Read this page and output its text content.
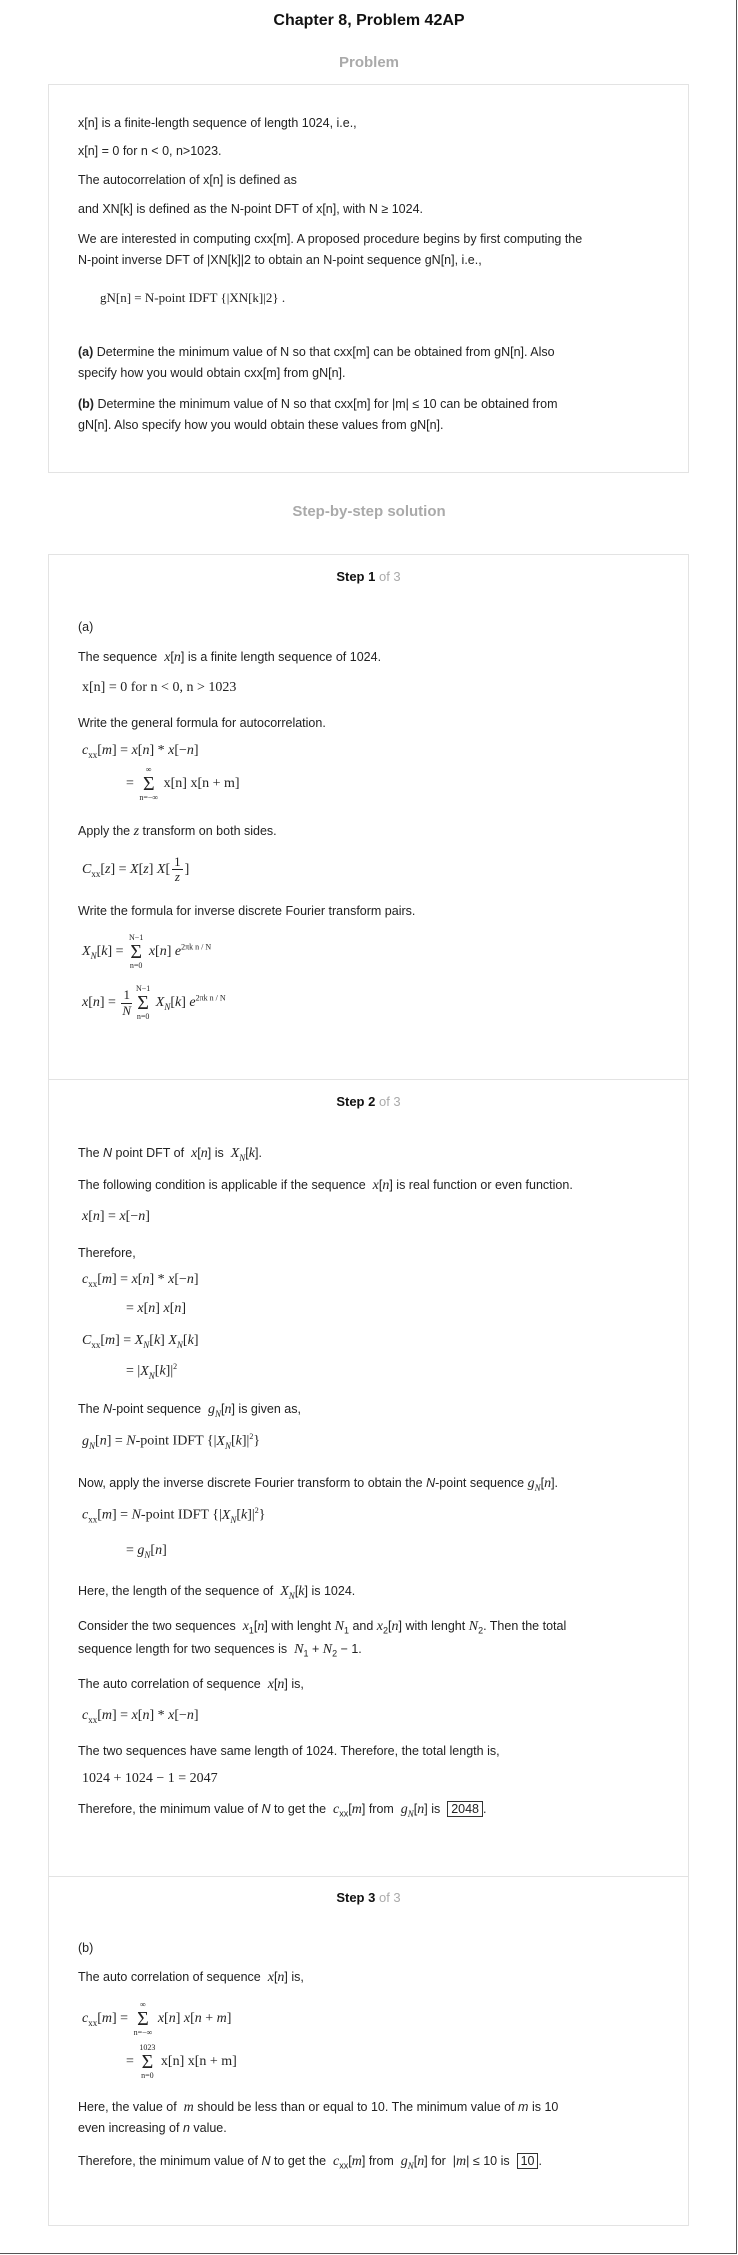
Chapter 8, Problem 42AP
Problem
x[n] is a finite-length sequence of length 1024, i.e.,
x[n] = 0 for n < 0, n>1023.
The autocorrelation of x[n] is defined as
and XN[k] is defined as the N-point DFT of x[n], with N ≥ 1024.
We are interested in computing cxx[m]. A proposed procedure begins by first computing the
N-point inverse DFT of |XN[k]|2 to obtain an N-point sequence gN[n], i.e.,
gN[n] = N-point IDFT {|XN[k]|2} .
(a) Determine the minimum value of N so that cxx[m] can be obtained from gN[n]. Also
specify how you would obtain cxx[m] from gN[n].
(b) Determine the minimum value of N so that cxx[m] for |m| ≤ 10 can be obtained from
gN[n]. Also specify how you would obtain these values from gN[n].
Step-by-step solution
Step 1 of 3
(a)
The sequence x[n] is a finite length sequence of 1024.
x[n] = 0 for n < 0, n > 1023
Write the general formula for autocorrelation.
$c_{xx}[m] = x[n] * x[-n]$
=
∞
Σ
n=−∞
x[n] x[n + m]
Apply the z transform on both sides.
$C_{xx}[z] = X[z]$ $X[ \frac{1}{z}$ ]
Write the formula for inverse discrete Fourier transform pairs.
$X_N[k]$ =
N−1
Σ
n=0
x[n] $e^{2\pi k n / N}$
$x[n] = \frac{1}{N} N-1$
Σ
n=0
$X_N[k]$ $e^{2\pi k n / N}$
Step 2 of 3
The N point DFT of x[n] is $X_N[k]$.
The following condition is applicable if the sequence x[n] is real function or even function.
x[n] = x[−n]
Therefore,
$c_{xx}[m] = x[n] * x[-n]$
= x[n] x[n]
$C_{xx}[m] = X_N[k]$ $X_N[k]$
= $|X_N[k]|^2$
The N-point sequence $g_N[n]$ is given as,
$g_N[n]$ = N-point IDFT $\{|X_N[k]|^2\}$
Now, apply the inverse discrete Fourier transform to obtain the N-point sequence $g_N[n]$.
$c_{xx}[m]$ = N-point IDFT $\{|X_N[k]|^2\}$
= $g_N[n]$
Here, the length of the sequence of $X_N[k]$ is 1024.
Consider the two sequences $x_1[n]$ with lenght $N_1$ and $x_2[n]$ with lenght $N_2$. Then the total
sequence length for two sequences is $N_1 + N_2 - 1$.
The auto correlation of sequence x[n] is,
$c_{xx}[m] = x[n] * x[-n]$
The two sequences have same length of 1024. Therefore, the total length is,
1024 + 1024 − 1 = 2047
Therefore, the minimum value of N to get the $c_{xx}[m]$ from $g_N[n]$ is 2048 .
Step 3 of 3
(b)
The auto correlation of sequence x[n] is,
$c_{xx}[m]$ =
∞
Σ
n=−∞
x[n] x[n + m]
=
1023
Σ
n=0
x[n] x[n + m]
Here, the value of m should be less than or equal to 10. The minimum value of m is 10
even increasing of n value.
Therefore, the minimum value of N to get the $c_{xx}[m]$ from $g_N[n]$ for  |m| ≤ 10 is 10 .
